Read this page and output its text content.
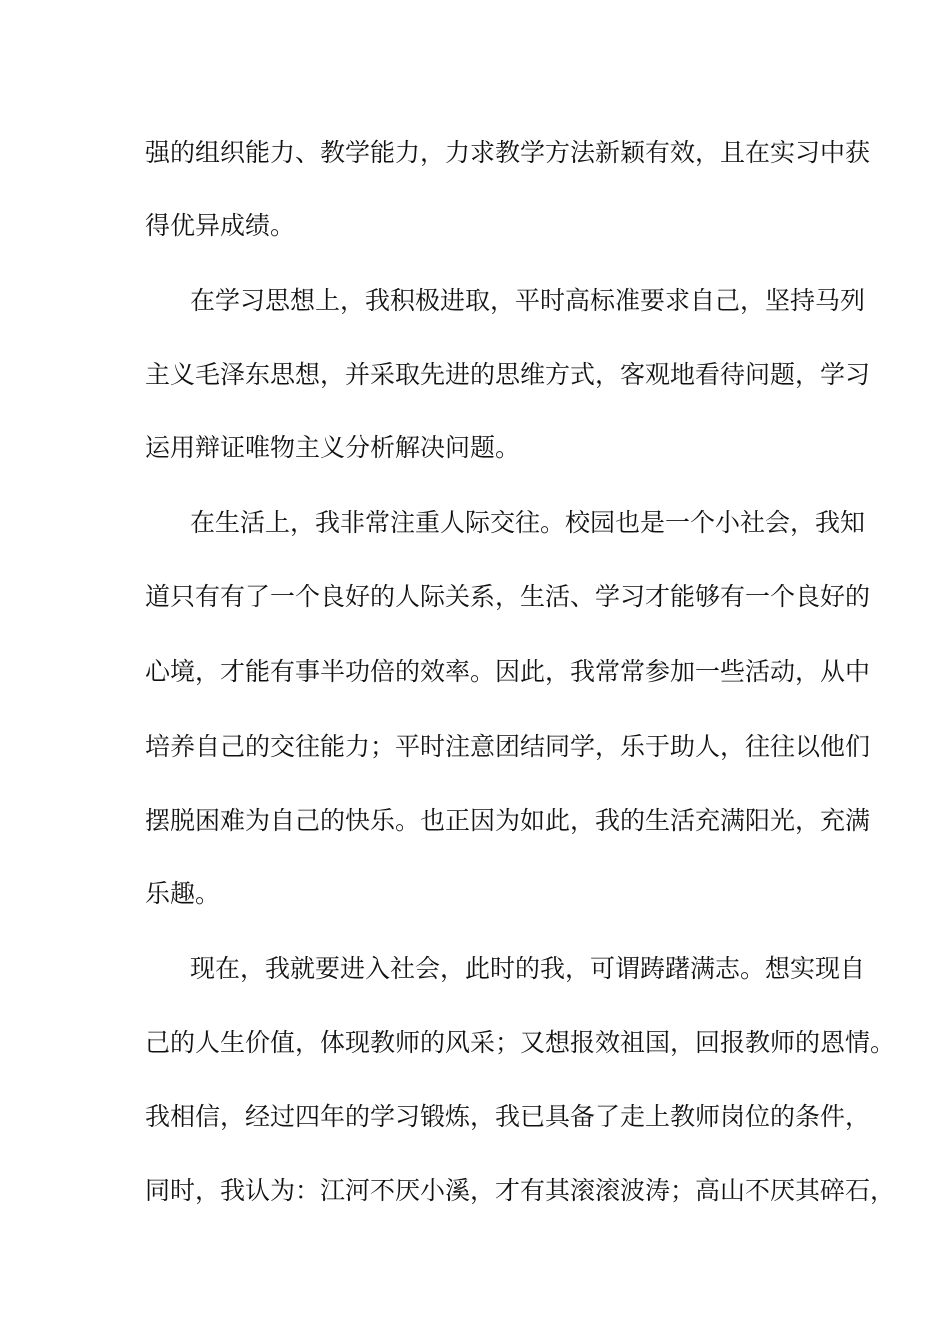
强的组织能力、教学能力，力求教学方法新颖有效，且在实习中获
得优异成绩。
在学习思想上，我积极进取，平时高标准要求自己，坚持马列
主义毛泽东思想，并采取先进的思维方式，客观地看待问题，学习
运用辩证唯物主义分析解决问题。
在生活上，我非常注重人际交往。校园也是一个小社会，我知
道只有有了一个良好的人际关系，生活、学习才能够有一个良好的
心境，才能有事半功倍的效率。因此，我常常参加一些活动，从中
培养自己的交往能力；平时注意团结同学，乐于助人，往往以他们
摆脱困难为自己的快乐。也正因为如此，我的生活充满阳光，充满
乐趣。
现在，我就要进入社会，此时的我，可谓踌躇满志。想实现自
己的人生价值，体现教师的风采；又想报效祖国，回报教师的恩情。
我相信，经过四年的学习锻炼，我已具备了走上教师岗位的条件，
同时，我认为：江河不厌小溪，才有其滚滚波涛；高山不厌其碎石，
